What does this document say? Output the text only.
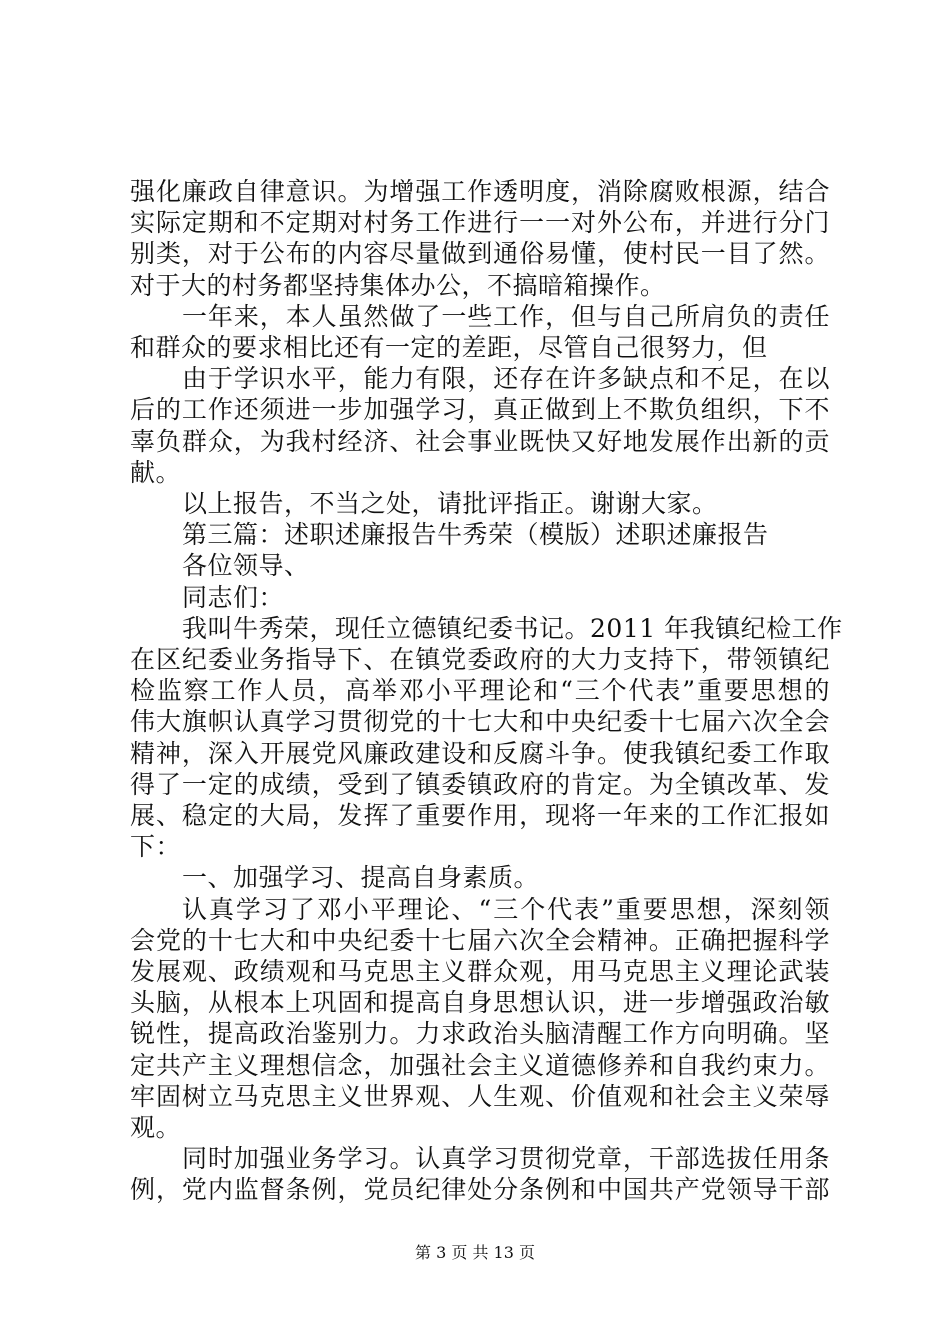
强化廉政自律意识。为增强工作透明度，消除腐败根源，结合
实际定期和不定期对村务工作进行一一对外公布，并进行分门
别类，对于公布的内容尽量做到通俗易懂，使村民一目了然。
对于大的村务都坚持集体办公，不搞暗箱操作。
一年来，本人虽然做了一些工作，但与自己所肩负的责任
和群众的要求相比还有一定的差距，尽管自己很努力，但
由于学识水平，能力有限，还存在许多缺点和不足，在以
后的工作还须进一步加强学习，真正做到上不欺负组织，下不
辜负群众，为我村经济、社会事业既快又好地发展作出新的贡
献。
以上报告，不当之处，请批评指正。谢谢大家。
第三篇：述职述廉报告牛秀荣（模版）述职述廉报告
各位领导、
同志们：
我叫牛秀荣，现任立德镇纪委书记。2011 年我镇纪检工作
在区纪委业务指导下、在镇党委政府的大力支持下，带领镇纪
检监察工作人员，高举邓小平理论和“三个代表”重要思想的
伟大旗帜认真学习贯彻党的十七大和中央纪委十七届六次全会
精神，深入开展党风廉政建设和反腐斗争。使我镇纪委工作取
得了一定的成绩，受到了镇委镇政府的肯定。为全镇改革、发
展、稳定的大局，发挥了重要作用，现将一年来的工作汇报如
下：
一、加强学习、提高自身素质。
认真学习了邓小平理论、“三个代表”重要思想，深刻领
会党的十七大和中央纪委十七届六次全会精神。正确把握科学
发展观、政绩观和马克思主义群众观，用马克思主义理论武装
头脑，从根本上巩固和提高自身思想认识，进一步增强政治敏
锐性，提高政治鉴别力。力求政治头脑清醒工作方向明确。坚
定共产主义理想信念，加强社会主义道德修养和自我约束力。
牢固树立马克思主义世界观、人生观、价值观和社会主义荣辱
观。
同时加强业务学习。认真学习贯彻党章，干部选拔任用条
例，党内监督条例，党员纪律处分条例和中国共产党领导干部
第 3 页 共 13 页
